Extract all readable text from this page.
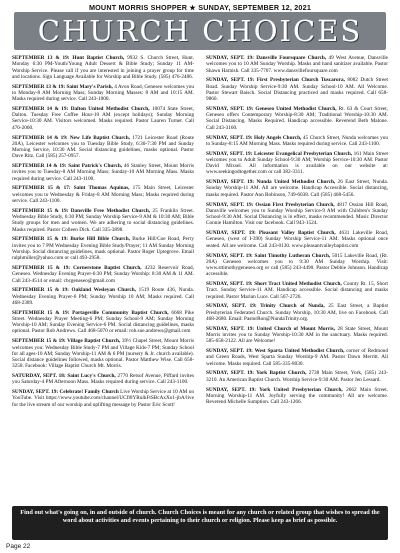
MOUNT MORRIS SHOPPER ★ SUNDAY, SEPTEMBER 12, 2021
CHURCH CHOICES

SEPTEMBER 13 & 19: Hunt Baptist Church, 9932 S. Church Street, Hunt. Monday 6:30 PM-Youth/Young Adult Dessert & Bible Study; Sunday 11 AM-Worship Service. Please call if you are interested in joining a prayer group for time and locations. Sign Language Available for Worship and Bible Study. (585) 476-2486.

SEPTEMBER 13 & 19: Saint Mary's Parish, 4 Avon Road, Geneseo welcomes you to Monday-8 AM Morning Mass; Sunday Morning Masses: 8 AM and 10:15 AM. Masks required during service. Call 243-1000.

SEPTEMBER 14 & 19: Dalton United Methodist Church, 10074 State Street, Dalton. Tuesday Free Coffee Hour-10 AM (except holidays); Sunday Morning Service-10:30 AM. Visitors welcomed. Masks required. Pastor Lauren Turner. Call 476-2060.

SEPTEMBER 14 & 19: New Life Baptist Church, 1721 Leicester Road (Route 20A), Leicester welcomes you to Tuesday Bible Study, 6:30-7:30 PM and Sunday Morning Service, 10:30 AM. Social distancing guidelines, masks optional. Pastor Dave Ritz. Call (585) 257-0957.

SEPTEMBER 14 & 19: Saint Patrick's Church, 46 Stanley Street, Mount Morris invites you to Tuesday-8 AM Morning Mass; Sunday-10 AM Morning Mass. Masks required during service. Call 243-1100.

SEPTEMBER 15 & 17: Saint Thomas Aquinas, 175 Main Street, Leicester welcomes you to Wednesday & Friday-8 AM Morning Mass; Masks required during service. Call 243-1100.

SEPTEMBER 15 & 19: Dansville Free Methodist Church, 25 Franklin Street. Wednesday Bible Study, 6:30 PM; Sunday Worship Service-9 AM & 10:30 AM; Bible Study groups for men and women. We are adhering to social distancing guidelines. Masks required. Pastor Colleen Dick. Call 335-3898.

SEPTEMBER 15 & 19: Burke Hill Bible Church, Burke Hill/Coe Road, Perry invites you to 7 PM Wednesday Evening Bible Study/Prayer; 11 AM Sunday Morning Worship. Social distancing guidelines, mask optional. Pastor Roger Uptegrove. Email ralphmiller@yahoo.com or call 493-2958.

SEPTEMBER 15 & 19: Cornerstone Baptist Church, 4232 Reservoir Road, Geneseo. Wednesday Evening Prayer-6:30 PM; Sunday Worship: 8:30 AM & 11 AM. Call 243-4514 or email: cbcgeneseo@gmail.com

SEPTEMBER 15 & 19: Oakland Wesleyan Church, 1519 Route 436, Nunda. Wednesday Evening Prayer-6 PM; Sunday Worship 10 AM; Masks required. Call 468-2389.

SEPTEMBER 15 & 19: Portageville Community Baptist Church, 6668 Pike Street. Wednesday Prayer Meeting-6 PM; Sunday School-9 AM; Sunday Morning Worship-10 AM; Sunday Evening Service-6 PM. Social distancing guidelines, masks optional. Pastor Rob Andrews. Call 468-5070 or email: rob.sue.andrews@gmail.com

SEPTEMBER 15 & 19: Village Baptist Church, 39½ Chapel Street, Mount Morris welcomes you: Wednesday Bible Study-7 PM and Village Kids-7 PM; Sunday School for all ages-10 AM; Sunday Worship-11 AM & 6 PM (nursery & Jr. church available). Social distance guidelines followed, masks optional. Pastor Matthew Wise. Call 658-3258. Facebook: Village Baptist Church Mt. Morris.

SATURDAY, SEPT. 18: Saint Lucy's Church, 2770 Retsof Avenue, Piffard invites you Saturday-4 PM Afternoon Mass. Masks required during service. Call 243-1100.

SUNDAY, SEPT. 19: Celebrate! Family Church Live Worship Service at 10 AM on YouTube. Visit https://www.youtube.com/channel/UCfl8YRulkFtSBcAxXo1-jbA/live for the live stream of our worship and uplifting message by Pastor Eric Scott!

SUNDAY, SEPT. 19: Dansville Foursquare Church, 49 West Avenue, Dansville welcomes you to 10 AM Sunday Worship. Masks and hand sanitizer available. Pastor Shawn Harnish. Call 335-7707. www.dansvillefoursquare.com

SUNDAY, SEPT. 19: First Presbyterian Church Tuscarora, 8082 Dutch Street Road. Sunday Worship Service-9:30 AM. Sunday School-10 AM. All Welcome. Pastor Stewart Baisch. Social Distancing practiced and masks required. Call 658-9860.

SUNDAY, SEPT. 19: Geneseo United Methodist Church, Rt. 63 & Court Street, Geneseo offers Contemporary Worship-8:30 AM; Traditional Worship-10:30 AM. Social Distancing. Masks Required. Handicap accessible. Reverend Beth Malone. Call 243-3160.

SUNDAY, SEPT. 19: Holy Angels Church, 45 Church Street, Nunda welcomes you to Sunday-8:15 AM Morning Mass. Masks required during service. Call 243-1100.

SUNDAY, SEPT. 19: Leicester Evangelical Presbyterian Church, 161 Main Street welcomes you to Adult Sunday School-9:30 AM; Worship Service-10:30 AM. Pastor David Mixsel. All information is available on our website at: www.seekingodtogether.com or call 382-3311.

SUNDAY, SEPT. 19: Nunda United Methodist Church, 26 East Street, Nunda. Sunday Worship-11 AM. All are welcome. Handicap Accessible. Social distancing, masks required. Pastor Ann Robinson, 749-6038. Call (585) 468-5456.

SUNDAY, SEPT. 19: Ossian First Presbyterian Church, 4817 Ossian Hill Road, Dansville welcomes you to Sunday Worship Service-9 AM with Children's Sunday School-9:30 AM. Social Distancing is in effect, masks recommended. Music Director Connie Hamilton. Visit our facebook. Call 943-1524.

SUNDAY, SEPT. 19: Pleasant Valley Baptist Church, 4631 Lakeville Road, Geneseo, (west of I-390) Sunday Worship Service-11 AM. Masks optional once seated. All are welcome. Call 243-0130. www.pleasantvalleybaptist.com

SUNDAY, SEPT. 19: Saint Timothy Lutheran Church, 5015 Lakeville Road, (Rt. 20A) Geneseo welcomes you to 9:30 AM Sunday Worship. Visit: www.sttimothygeneseo.org or call (585) 243-4490. Pastor Debbie Johnson. Handicap accessible.

SUNDAY, SEPT. 19: Short Tract United Methodist Church, County Rt. 15, Short Tract. Sunday Service-11 AM. Handicap accessible. Social distancing and masks required. Pastor Marian Luce. Call 567-2726.

SUNDAY, SEPT. 19: Trinity Church of Nunda, 25 East Street, a Baptist Presbyterian Federated Church. Sunday Worship, 10:30 AM, live on Facebook. Call 468-2680. Email: PastorRon@NundaTrinity.org.

SUNDAY, SEPT. 19: United Church of Mount Morris, 28 State Street, Mount Morris invites you to Sunday Worship-10:30 AM in the sanctuary. Masks required. 585-658-2122. All are Welcome!

SUNDAY, SEPT. 19: West Sparta United Methodist Church, corner of Redmond and Green Roads, West Sparta Sunday Worship-9 AM. Pastor Dawn Merritt. All welcome. Masks required. Call 585-335-8030.

SUNDAY, SEPT. 19: York Baptist Church, 2738 Main Street, York, (585) 243-3210. An American Baptist Church. Worship Service-9:30 AM. Pastor Jen Lessard.

SUNDAY, SEPT. 19: York United Presbyterian Church, 2662 Main Street. Morning Worship-11 AM. Joyfully serving the community! All are welcome. Reverend Michelle Sumption. Call 243-1266.

Find out what's going on, in and outside of church. Church Choices is meant for any church or related group that wishes to spread the word about activities and events pertaining to their church or religion. Please keep as brief as possible.
Page 22
